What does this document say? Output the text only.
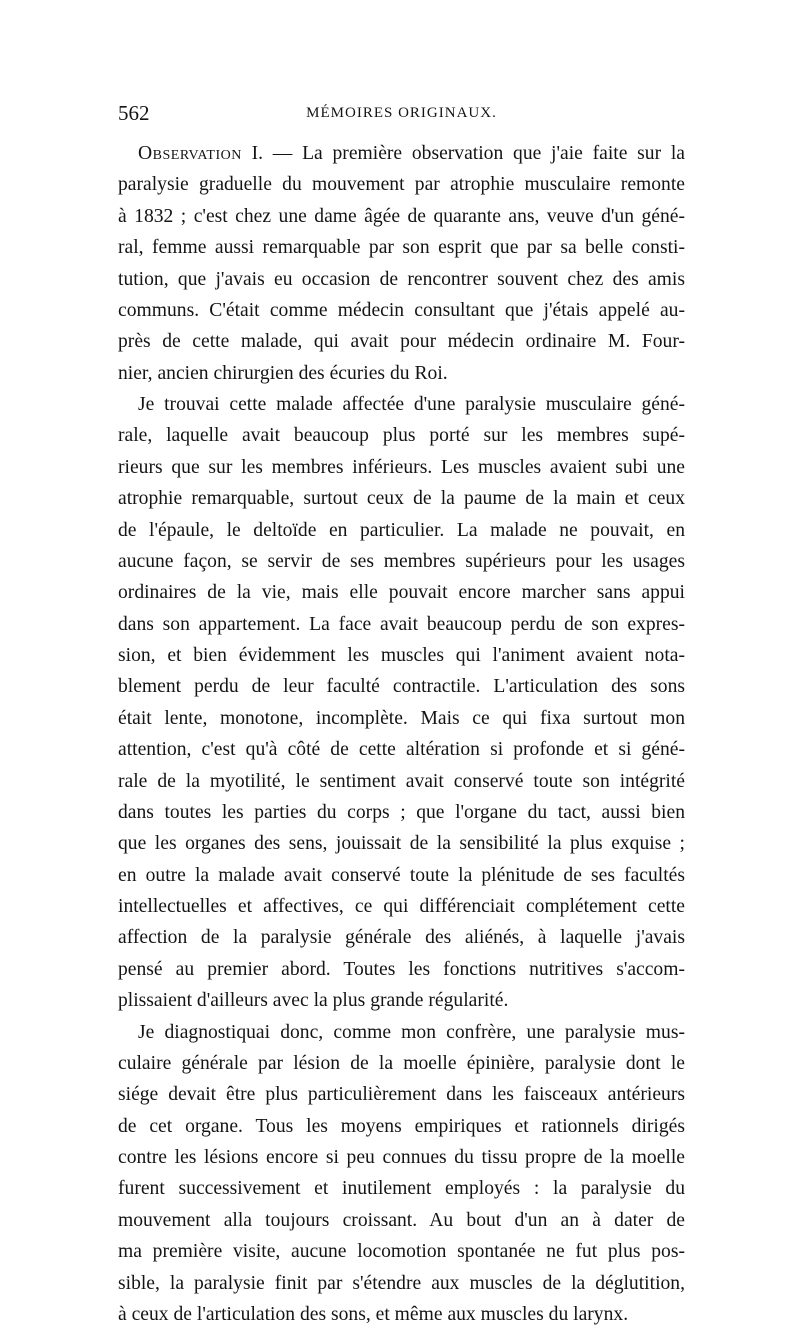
562	MÉMOIRES ORIGINAUX.
Observation I. — La première observation que j'aie faite sur la
paralysie graduelle du mouvement par atrophie musculaire remonte
à 1832 ; c'est chez une dame âgée de quarante ans, veuve d'un géné-
ral, femme aussi remarquable par son esprit que par sa belle consti-
tution, que j'avais eu occasion de rencontrer souvent chez des amis
communs. C'était comme médecin consultant que j'étais appelé au-
près de cette malade, qui avait pour médecin ordinaire M. Four-
nier, ancien chirurgien des écuries du Roi.
Je trouvai cette malade affectée d'une paralysie musculaire géné-
rale, laquelle avait beaucoup plus porté sur les membres supé-
rieurs que sur les membres inférieurs. Les muscles avaient subi une
atrophie remarquable, surtout ceux de la paume de la main et ceux
de l'épaule, le deltoïde en particulier. La malade ne pouvait, en
aucune façon, se servir de ses membres supérieurs pour les usages
ordinaires de la vie, mais elle pouvait encore marcher sans appui
dans son appartement. La face avait beaucoup perdu de son expres-
sion, et bien évidemment les muscles qui l'animent avaient nota-
blement perdu de leur faculté contractile. L'articulation des sons
était lente, monotone, incomplète. Mais ce qui fixa surtout mon
attention, c'est qu'à côté de cette altération si profonde et si géné-
rale de la myotilité, le sentiment avait conservé toute son intégrité
dans toutes les parties du corps ; que l'organe du tact, aussi bien
que les organes des sens, jouissait de la sensibilité la plus exquise ;
en outre la malade avait conservé toute la plénitude de ses facultés
intellectuelles et affectives, ce qui différenciait complétement cette
affection de la paralysie générale des aliénés, à laquelle j'avais
pensé au premier abord. Toutes les fonctions nutritives s'accom-
plissaient d'ailleurs avec la plus grande régularité.
Je diagnostiquai donc, comme mon confrère, une paralysie mus-
culaire générale par lésion de la moelle épinière, paralysie dont le
siége devait être plus particulièrement dans les faisceaux antérieurs
de cet organe. Tous les moyens empiriques et rationnels dirigés
contre les lésions encore si peu connues du tissu propre de la moelle
furent successivement et inutilement employés : la paralysie du
mouvement alla toujours croissant. Au bout d'un an à dater de
ma première visite, aucune locomotion spontanée ne fut plus pos-
sible, la paralysie finit par s'étendre aux muscles de la déglutition,
à ceux de l'articulation des sons, et même aux muscles du larynx.
